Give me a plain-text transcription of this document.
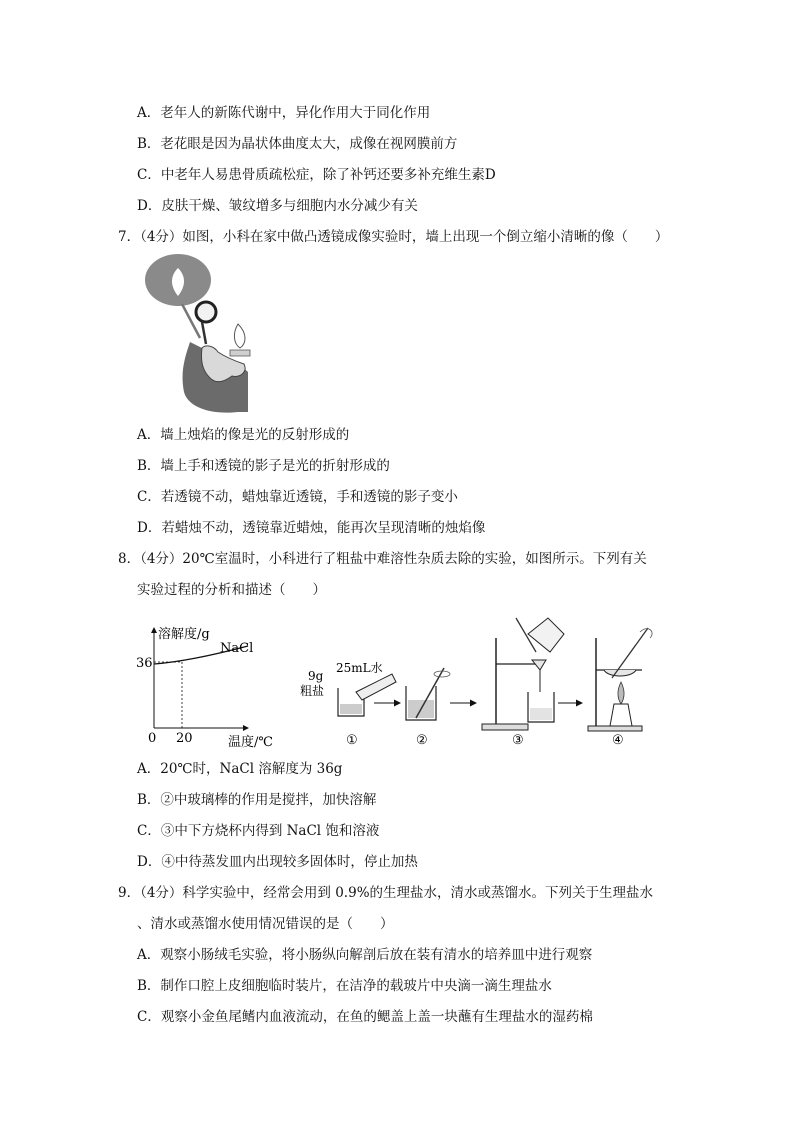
A．老年人的新陈代谢中，异化作用大于同化作用
B．老花眼是因为晶状体曲度太大，成像在视网膜前方
C．中老年人易患骨质疏松症，除了补钙还要多补充维生素D
D．皮肤干燥、皱纹增多与细胞内水分减少有关
7．（4分）如图，小科在家中做凸透镜成像实验时，墙上出现一个倒立缩小清晰的像（　　）
A．墙上烛焰的像是光的反射形成的
B．墙上手和透镜的影子是光的折射形成的
C．若透镜不动，蜡烛靠近透镜，手和透镜的影子变小
D．若蜡烛不动，透镜靠近蜡烛，能再次呈现清晰的烛焰像
8．（4分）20℃室温时，小科进行了粗盐中难溶性杂质去除的实验，如图所示。下列有关
实验过程的分析和描述（　　）
溶解度/g
NaCl
36
0 20	温度/℃
9g
粗盐
25mL水
①	②	③	④
A．20℃时，NaCl 溶解度为 36g
B．②中玻璃棒的作用是搅拌，加快溶解
C．③中下方烧杯内得到 NaCl 饱和溶液
D．④中待蒸发皿内出现较多固体时，停止加热
9．（4分）科学实验中，经常会用到 0.9%的生理盐水，清水或蒸馏水。下列关于生理盐水
、清水或蒸馏水使用情况错误的是（　　）
A．观察小肠绒毛实验，将小肠纵向解剖后放在装有清水的培养皿中进行观察
B．制作口腔上皮细胞临时装片，在洁净的载玻片中央滴一滴生理盐水
C．观察小金鱼尾鳍内血液流动，在鱼的鳃盖上盖一块蘸有生理盐水的湿药棉
